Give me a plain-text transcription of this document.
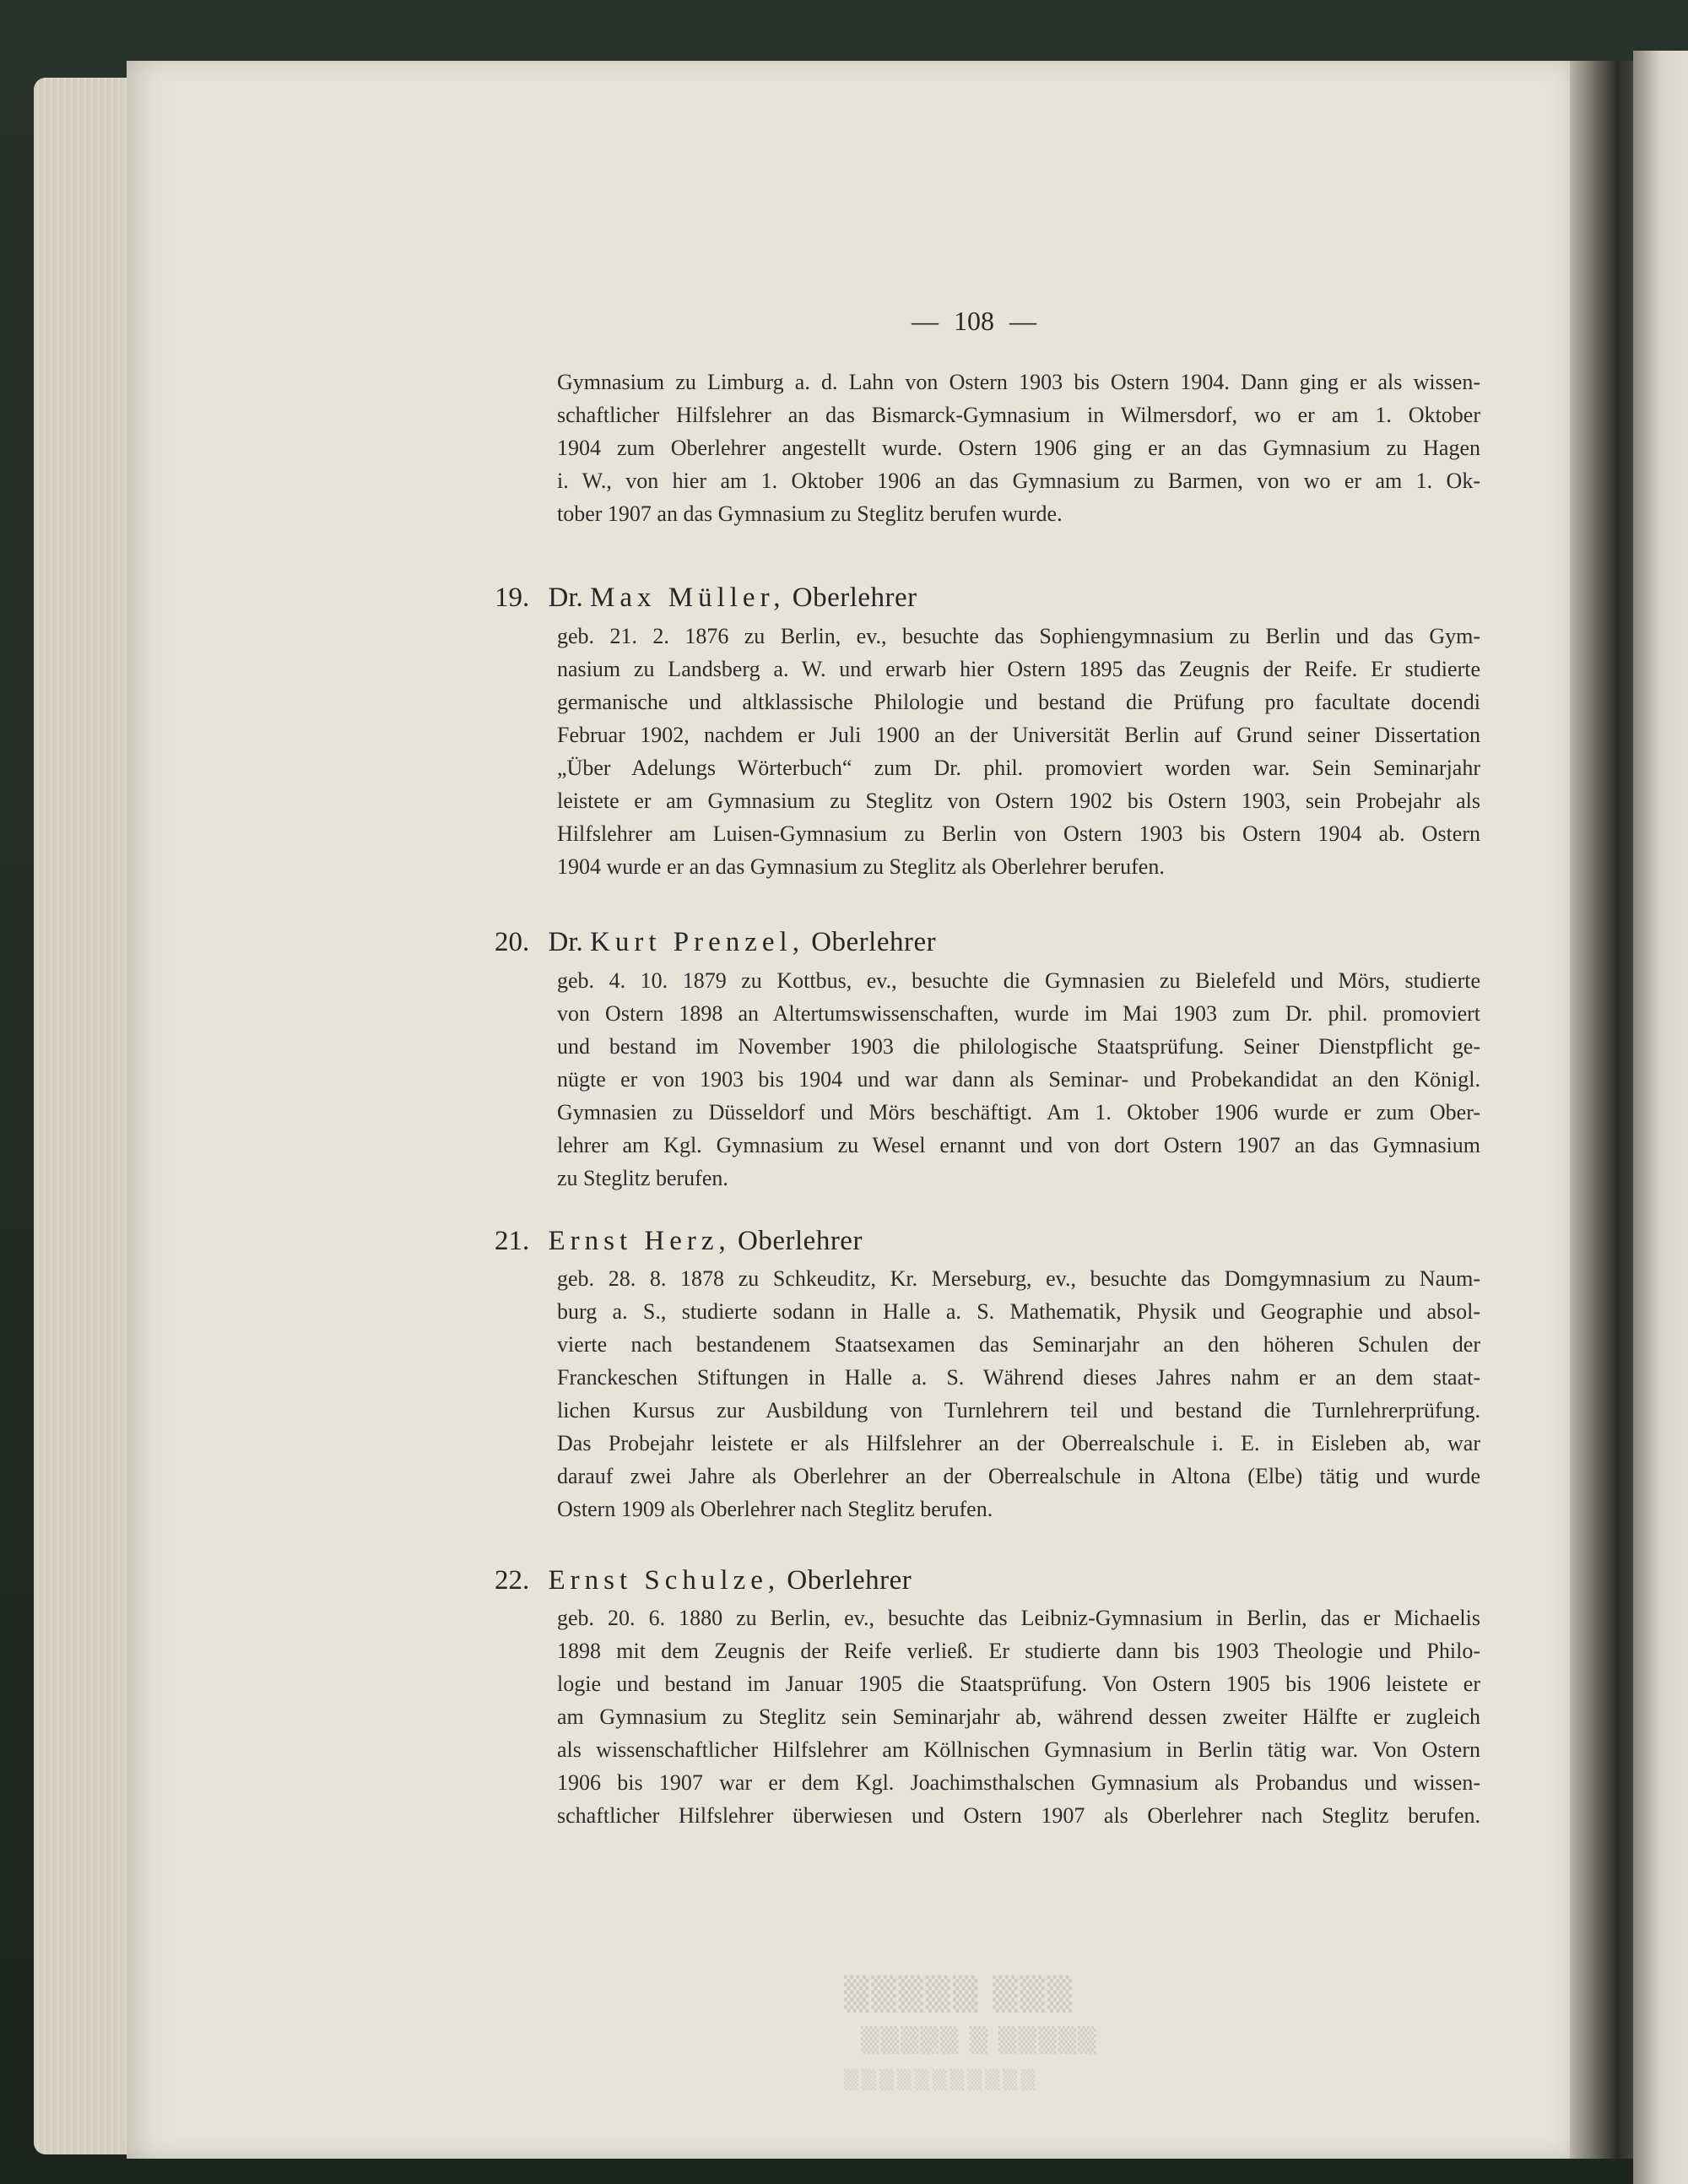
— 108 —
Gymnasium zu Limburg a. d. Lahn von Ostern 1903 bis Ostern 1904. Dann ging er als wissen-
schaftlicher Hilfslehrer an das Bismarck-Gymnasium in Wilmersdorf, wo er am 1. Oktober
1904 zum Oberlehrer angestellt wurde. Ostern 1906 ging er an das Gymnasium zu Hagen
i. W., von hier am 1. Oktober 1906 an das Gymnasium zu Barmen, von wo er am 1. Ok-
tober 1907 an das Gymnasium zu Steglitz berufen wurde.
19. Dr. Max Müller, Oberlehrer
geb. 21. 2. 1876 zu Berlin, ev., besuchte das Sophiengymnasium zu Berlin und das Gym-
nasium zu Landsberg a. W. und erwarb hier Ostern 1895 das Zeugnis der Reife. Er studierte
germanische und altklassische Philologie und bestand die Prüfung pro facultate docendi
Februar 1902, nachdem er Juli 1900 an der Universität Berlin auf Grund seiner Dissertation
„Über Adelungs Wörterbuch“ zum Dr. phil. promoviert worden war. Sein Seminarjahr
leistete er am Gymnasium zu Steglitz von Ostern 1902 bis Ostern 1903, sein Probejahr als
Hilfslehrer am Luisen-Gymnasium zu Berlin von Ostern 1903 bis Ostern 1904 ab. Ostern
1904 wurde er an das Gymnasium zu Steglitz als Oberlehrer berufen.
20. Dr. Kurt Prenzel, Oberlehrer
geb. 4. 10. 1879 zu Kottbus, ev., besuchte die Gymnasien zu Bielefeld und Mörs, studierte
von Ostern 1898 an Altertumswissenschaften, wurde im Mai 1903 zum Dr. phil. promoviert
und bestand im November 1903 die philologische Staatsprüfung. Seiner Dienstpflicht ge-
nügte er von 1903 bis 1904 und war dann als Seminar- und Probekandidat an den Königl.
Gymnasien zu Düsseldorf und Mörs beschäftigt. Am 1. Oktober 1906 wurde er zum Ober-
lehrer am Kgl. Gymnasium zu Wesel ernannt und von dort Ostern 1907 an das Gymnasium
zu Steglitz berufen.
21. Ernst Herz, Oberlehrer
geb. 28. 8. 1878 zu Schkeuditz, Kr. Merseburg, ev., besuchte das Domgymnasium zu Naum-
burg a. S., studierte sodann in Halle a. S. Mathematik, Physik und Geographie und absol-
vierte nach bestandenem Staatsexamen das Seminarjahr an den höheren Schulen der
Franckeschen Stiftungen in Halle a. S. Während dieses Jahres nahm er an dem staat-
lichen Kursus zur Ausbildung von Turnlehrern teil und bestand die Turnlehrerprüfung.
Das Probejahr leistete er als Hilfslehrer an der Oberrealschule i. E. in Eisleben ab, war
darauf zwei Jahre als Oberlehrer an der Oberrealschule in Altona (Elbe) tätig und wurde
Ostern 1909 als Oberlehrer nach Steglitz berufen.
22. Ernst Schulze, Oberlehrer
geb. 20. 6. 1880 zu Berlin, ev., besuchte das Leibniz-Gymnasium in Berlin, das er Michaelis
1898 mit dem Zeugnis der Reife verließ. Er studierte dann bis 1903 Theologie und Philo-
logie und bestand im Januar 1905 die Staatsprüfung. Von Ostern 1905 bis 1906 leistete er
am Gymnasium zu Steglitz sein Seminarjahr ab, während dessen zweiter Hälfte er zugleich
als wissenschaftlicher Hilfslehrer am Köllnischen Gymnasium in Berlin tätig war. Von Ostern
1906 bis 1907 war er dem Kgl. Joachimsthalschen Gymnasium als Probandus und wissen-
schaftlicher Hilfslehrer überwiesen und Ostern 1907 als Oberlehrer nach Steglitz berufen.
▒▒▒▒▒ ▒▒▒
▒▒▒▒▒ ▒ ▒▒▒▒▒
▒▒▒▒▒▒▒▒▒▒▒
